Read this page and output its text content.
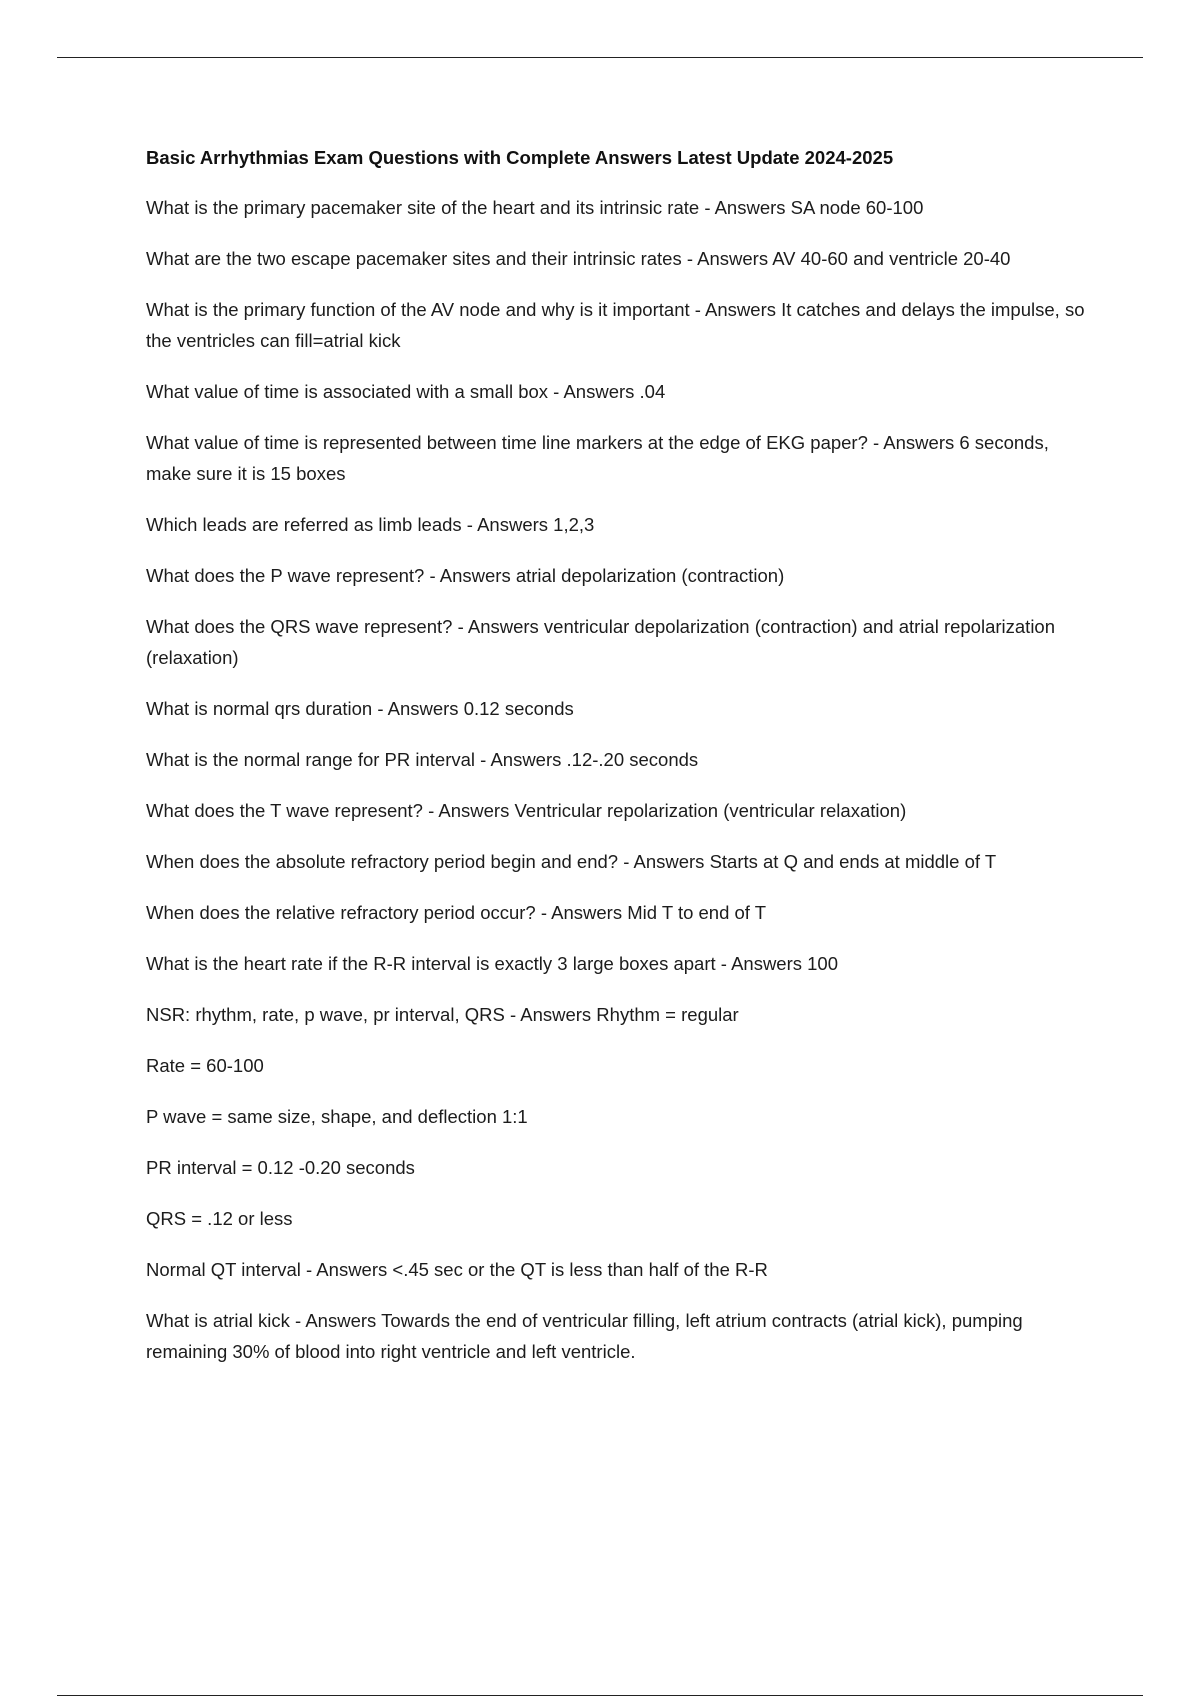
Basic Arrhythmias Exam Questions with Complete Answers Latest Update 2024-2025

What is the primary pacemaker site of the heart and its intrinsic rate - Answers SA node 60-100

What are the two escape pacemaker sites and their intrinsic rates - Answers AV 40-60 and ventricle 20-40

What is the primary function of the AV node and why is it important - Answers It catches and delays the impulse, so the ventricles can fill=atrial kick

What value of time is associated with a small box - Answers .04

What value of time is represented between time line markers at the edge of EKG paper? - Answers 6 seconds, make sure it is 15 boxes

Which leads are referred as limb leads - Answers 1,2,3

What does the P wave represent? - Answers atrial depolarization (contraction)

What does the QRS wave represent? - Answers ventricular depolarization (contraction) and atrial repolarization (relaxation)

What is normal qrs duration - Answers 0.12 seconds

What is the normal range for PR interval - Answers .12-.20 seconds

What does the T wave represent? - Answers Ventricular repolarization (ventricular relaxation)

When does the absolute refractory period begin and end? - Answers Starts at Q and ends at middle of T

When does the relative refractory period occur? - Answers Mid T to end of T

What is the heart rate if the R-R interval is exactly 3 large boxes apart - Answers 100

NSR: rhythm, rate, p wave, pr interval, QRS - Answers Rhythm = regular

Rate = 60-100

P wave = same size, shape, and deflection 1:1

PR interval = 0.12 -0.20 seconds

QRS = .12 or less

Normal QT interval - Answers <.45 sec or the QT is less than half of the R-R

What is atrial kick - Answers Towards the end of ventricular filling, left atrium contracts (atrial kick), pumping remaining 30% of blood into right ventricle and left ventricle.
